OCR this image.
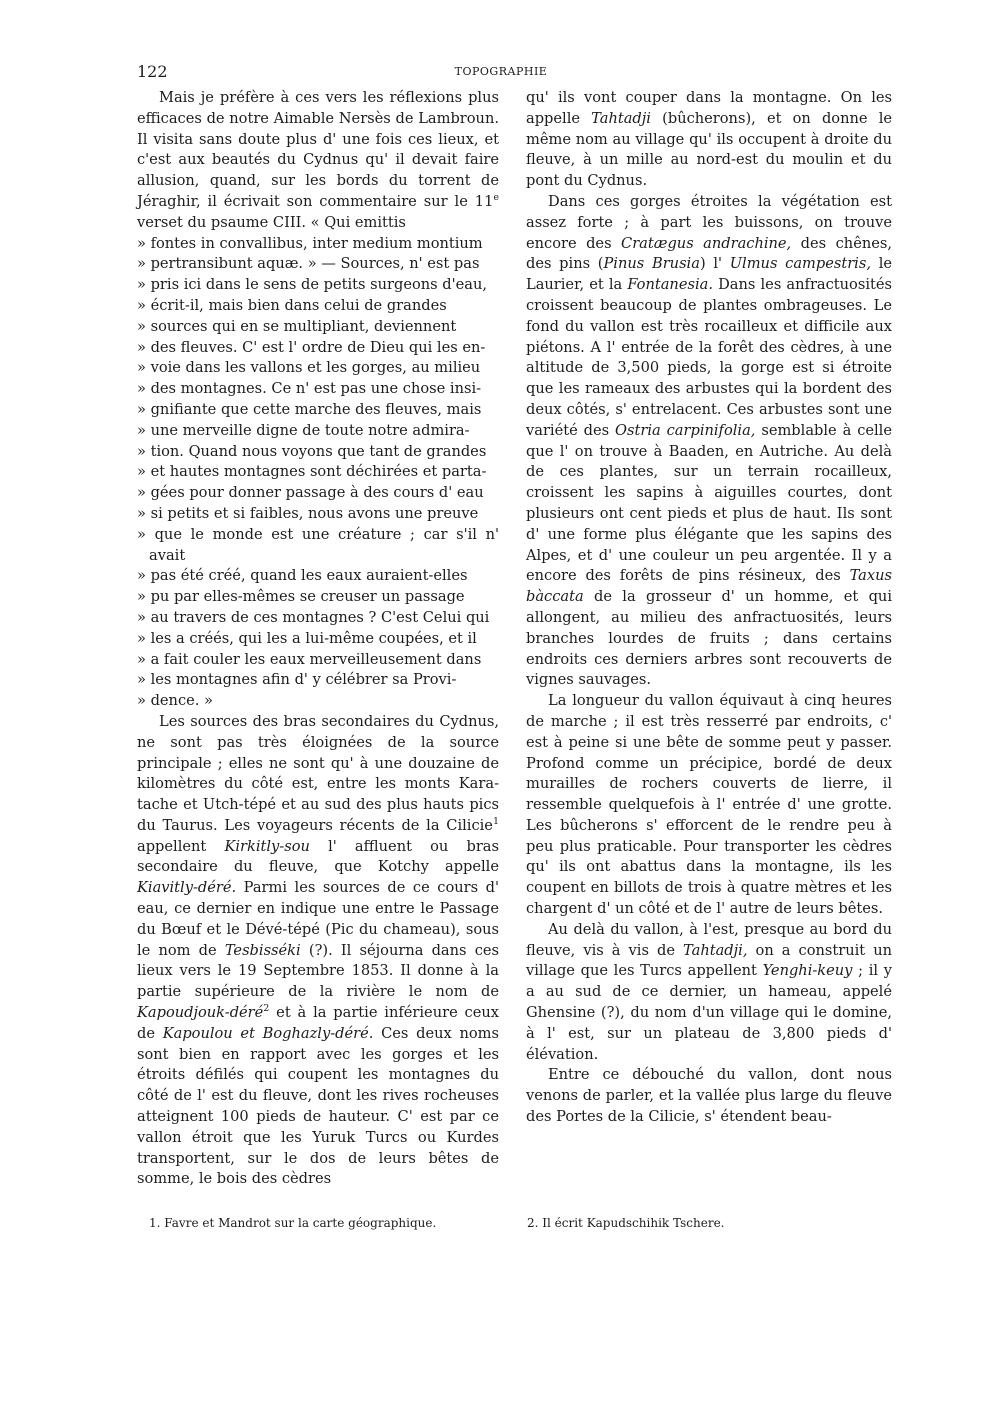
122	TOPOGRAPHIE

Mais je préfère à ces vers les réflexions plus efficaces de notre Aimable Nersès de Lambroun. Il visita sans doute plus d' une fois ces lieux, et c'est aux beautés du Cydnus qu' il devait faire allusion, quand, sur les bords du torrent de Jéraghir, il écrivait son commentaire sur le 11e verset du psaume CIII. « Qui emittis

» fontes in convallibus, inter medium montium

» pertransibunt aquæ. » — Sources, n' est pas

» pris ici dans le sens de petits surgeons d'eau,

» écrit-il, mais bien dans celui de grandes

» sources qui en se multipliant, deviennent

» des fleuves. C' est l' ordre de Dieu qui les en-

» voie dans les vallons et les gorges, au milieu

» des montagnes. Ce n' est pas une chose insi-

» gnifiante que cette marche des fleuves, mais

» une merveille digne de toute notre admira-

» tion. Quand nous voyons que tant de grandes

» et hautes montagnes sont déchirées et parta-

» gées pour donner passage à des cours d' eau

» si petits et si faibles, nous avons une preuve

» que le monde est une créature ; car s'il n' avait

» pas été créé, quand les eaux auraient-elles

» pu par elles-mêmes se creuser un passage

» au travers de ces montagnes ? C'est Celui qui

» les a créés, qui les a lui-même coupées, et il

» a fait couler les eaux merveilleusement dans

» les montagnes afin d' y célébrer sa Provi-

» dence. »

Les sources des bras secondaires du Cydnus, ne sont pas très éloignées de la source principale ; elles ne sont qu' à une douzaine de kilomètres du côté est, entre les monts Kara-tache et Utch-tépé et au sud des plus hauts pics du Taurus. Les voyageurs récents de la Cilicie$^1$ appellent Kirkitly-sou l' affluent ou bras secondaire du fleuve, que Kotchy appelle Kiavitly-déré. Parmi les sources de ce cours d' eau, ce dernier en indique une entre le Passage du Bœuf et le Dévé-tépé (Pic du chameau), sous le nom de Tesbisséki (?). Il séjourna dans ces lieux vers le 19 Septembre 1853. Il donne à la partie supérieure de la rivière le nom de Kapoudjouk-déré$^2$ et à la partie inférieure ceux de Kapoulou et Boghazly-déré. Ces deux noms sont bien en rapport avec les gorges et les étroits défilés qui coupent les montagnes du côté de l' est du fleuve, dont les rives rocheuses atteignent 100 pieds de hauteur. C' est par ce vallon étroit que les Yuruk Turcs ou Kurdes transportent, sur le dos de leurs bêtes de somme, le bois des cèdres

qu' ils vont couper dans la montagne. On les appelle Tahtadji (bûcherons), et on donne le même nom au village qu' ils occupent à droite du fleuve, à un mille au nord-est du moulin et du pont du Cydnus.

Dans ces gorges étroites la végétation est assez forte ; à part les buissons, on trouve encore des Cratægus andrachine, des chênes, des pins (Pinus Brusia) l' Ulmus campestris, le Laurier, et la Fontanesia. Dans les anfractuosités croissent beaucoup de plantes ombrageuses. Le fond du vallon est très rocailleux et difficile aux piétons. A l' entrée de la forêt des cèdres, à une altitude de 3,500 pieds, la gorge est si étroite que les rameaux des arbustes qui la bordent des deux côtés, s' entrelacent. Ces arbustes sont une variété des Ostria carpinifolia, semblable à celle que l' on trouve à Baaden, en Autriche. Au delà de ces plantes, sur un terrain rocailleux, croissent les sapins à aiguilles courtes, dont plusieurs ont cent pieds et plus de haut. Ils sont d' une forme plus élégante que les sapins des Alpes, et d' une couleur un peu argentée. Il y a encore des forêts de pins résineux, des Taxus bàccata de la grosseur d' un homme, et qui allongent, au milieu des anfractuosités, leurs branches lourdes de fruits ; dans certains endroits ces derniers arbres sont recouverts de vignes sauvages.

La longueur du vallon équivaut à cinq heures de marche ; il est très resserré par endroits, c' est à peine si une bête de somme peut y passer. Profond comme un précipice, bordé de deux murailles de rochers couverts de lierre, il ressemble quelquefois à l' entrée d' une grotte. Les bûcherons s' efforcent de le rendre peu à peu plus praticable. Pour transporter les cèdres qu' ils ont abattus dans la montagne, ils les coupent en billots de trois à quatre mètres et les chargent d' un côté et de l' autre de leurs bêtes.

Au delà du vallon, à l'est, presque au bord du fleuve, vis à vis de Tahtadji, on a construit un village que les Turcs appellent Yenghi-keuy ; il y a au sud de ce dernier, un hameau, appelé Ghensine (?), du nom d'un village qui le domine, à l' est, sur un plateau de 3,800 pieds d' élévation.

Entre ce débouché du vallon, dont nous venons de parler, et la vallée plus large du fleuve des Portes de la Cilicie, s' étendent beau-

1. Favre et Mandrot sur la carte géographique.	2. Il écrit Kapudschihik Tschere.
